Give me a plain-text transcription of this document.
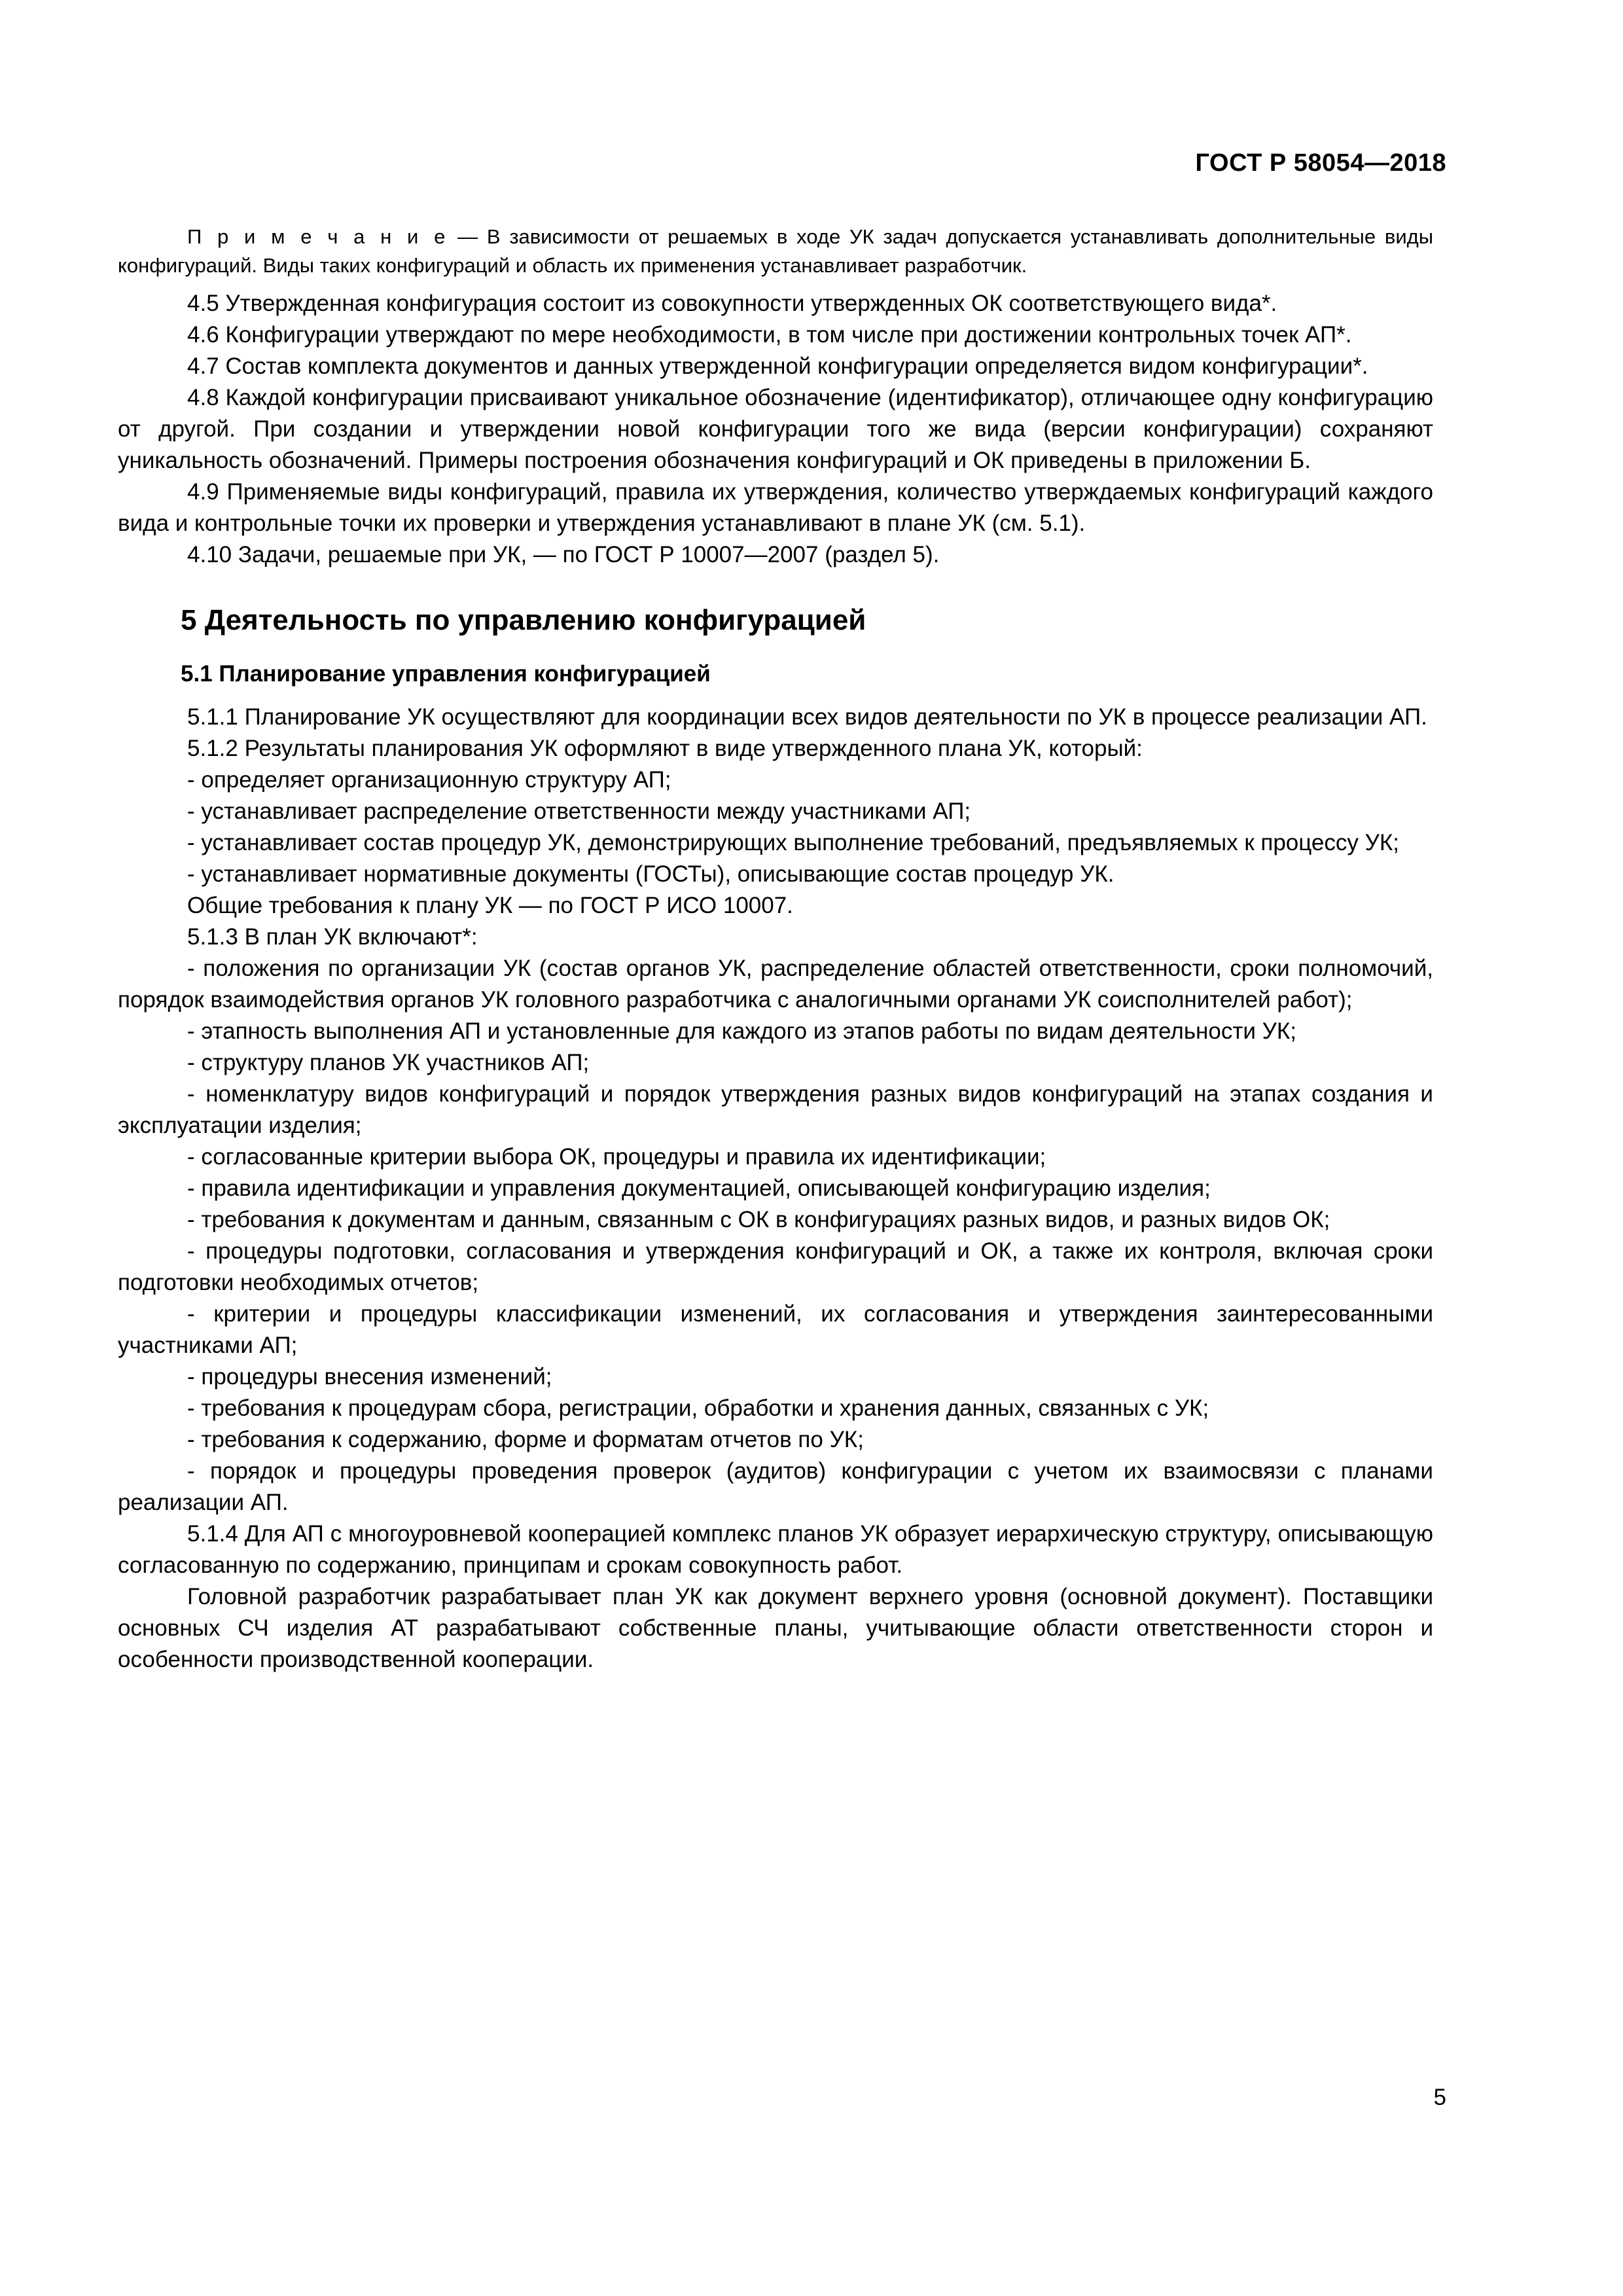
ГОСТ Р 58054—2018

П р и м е ч а н и е — В зависимости от решаемых в ходе УК задач допускается устанавливать дополнительные виды конфигураций. Виды таких конфигураций и область их применения устанавливает разработчик.

4.5 Утвержденная конфигурация состоит из совокупности утвержденных ОК соответствующего вида*.

4.6 Конфигурации утверждают по мере необходимости, в том числе при достижении контрольных точек АП*.

4.7 Состав комплекта документов и данных утвержденной конфигурации определяется видом конфигурации*.

4.8 Каждой конфигурации присваивают уникальное обозначение (идентификатор), отличающее одну конфигурацию от другой. При создании и утверждении новой конфигурации того же вида (версии конфигурации) сохраняют уникальность обозначений. Примеры построения обозначения конфигураций и ОК приведены в приложении Б.

4.9 Применяемые виды конфигураций, правила их утверждения, количество утверждаемых конфигураций каждого вида и контрольные точки их проверки и утверждения устанавливают в плане УК (см. 5.1).

4.10 Задачи, решаемые при УК, — по ГОСТ Р 10007—2007 (раздел 5).

5 Деятельность по управлению конфигурацией
5.1 Планирование управления конфигурацией

5.1.1 Планирование УК осуществляют для координации всех видов деятельности по УК в процессе реализации АП.

5.1.2 Результаты планирования УК оформляют в виде утвержденного плана УК, который:

- определяет организационную структуру АП;

- устанавливает распределение ответственности между участниками АП;

- устанавливает состав процедур УК, демонстрирующих выполнение требований, предъявляемых к процессу УК;

- устанавливает нормативные документы (ГОСТы), описывающие состав процедур УК.

Общие требования к плану УК — по ГОСТ Р ИСО 10007.

5.1.3 В план УК включают*:

- положения по организации УК (состав органов УК, распределение областей ответственности, сроки полномочий, порядок взаимодействия органов УК головного разработчика с аналогичными органами УК соисполнителей работ);

- этапность выполнения АП и установленные для каждого из этапов работы по видам деятельности УК;

- структуру планов УК участников АП;

- номенклатуру видов конфигураций и порядок утверждения разных видов конфигураций на этапах создания и эксплуатации изделия;

- согласованные критерии выбора ОК, процедуры и правила их идентификации;

- правила идентификации и управления документацией, описывающей конфигурацию изделия;

- требования к документам и данным, связанным с ОК в конфигурациях разных видов, и разных видов ОК;

- процедуры подготовки, согласования и утверждения конфигураций и ОК, а также их контроля, включая сроки подготовки необходимых отчетов;

- критерии и процедуры классификации изменений, их согласования и утверждения заинтересованными участниками АП;

- процедуры внесения изменений;

- требования к процедурам сбора, регистрации, обработки и хранения данных, связанных с УК;

- требования к содержанию, форме и форматам отчетов по УК;

- порядок и процедуры проведения проверок (аудитов) конфигурации с учетом их взаимосвязи с планами реализации АП.

5.1.4 Для АП с многоуровневой кооперацией комплекс планов УК образует иерархическую структуру, описывающую согласованную по содержанию, принципам и срокам совокупность работ.

Головной разработчик разрабатывает план УК как документ верхнего уровня (основной документ). Поставщики основных СЧ изделия АТ разрабатывают собственные планы, учитывающие области ответственности сторон и особенности производственной кооперации.

5
